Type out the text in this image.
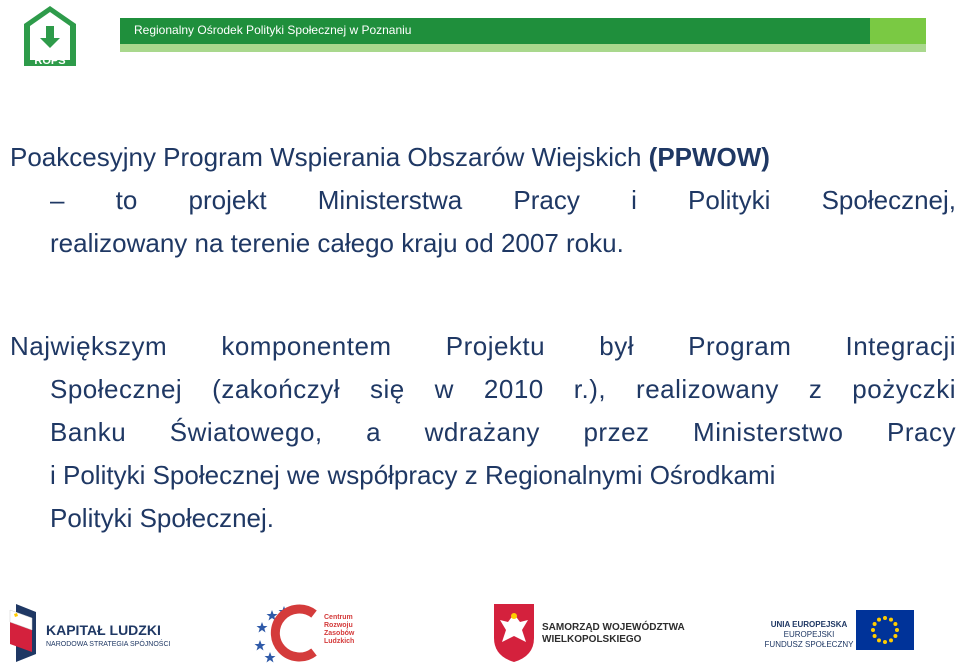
ROPS
Regionalny Ośrodek Polityki Społecznej w Poznaniu
Poakcesyjny Program Wspierania Obszarów Wiejskich (PPWOW)
– to projekt Ministerstwa Pracy i Polityki Społecznej,
realizowany na terenie całego kraju od 2007 roku.
Największym komponentem Projektu był Program Integracji
Społecznej (zakończył się w 2010 r.), realizowany z pożyczki
Banku Światowego, a wdrażany przez Ministerstwo Pracy
i Polityki Społecznej we współpracy z Regionalnymi Ośrodkami
Polityki Społecznej.
KAPITAŁ LUDZKI
NARODOWA STRATEGIA SPÓJNOŚCI
Centrum
Rozwoju
Zasobów
Ludzkich
SAMORZĄD WOJEWÓDZTWA
WIELKOPOLSKIEGO
UNIA EUROPEJSKA
EUROPEJSKI
FUNDUSZ SPOŁECZNY
